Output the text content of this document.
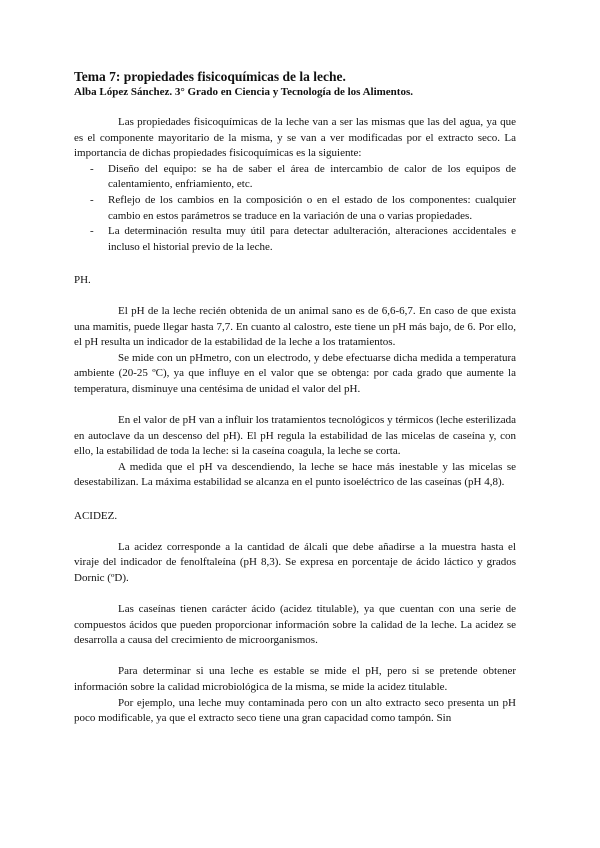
Tema 7: propiedades fisicoquímicas de la leche.
Alba López Sánchez. 3° Grado en Ciencia y Tecnología de los Alimentos.

Las propiedades fisicoquímicas de la leche van a ser las mismas que las del agua, ya que es el componente mayoritario de la misma, y se van a ver modificadas por el extracto seco. La importancia de dichas propiedades fisicoquímicas es la siguiente:

- Diseño del equipo: se ha de saber el área de intercambio de calor de los equipos de calentamiento, enfriamiento, etc.
- Reflejo de los cambios en la composición o en el estado de los componentes: cualquier cambio en estos parámetros se traduce en la variación de una o varias propiedades.
- La determinación resulta muy útil para detectar adulteración, alteraciones accidentales e incluso el historial previo de la leche.
PH.

El pH de la leche recién obtenida de un animal sano es de 6,6-6,7. En caso de que exista una mamitis, puede llegar hasta 7,7. En cuanto al calostro, este tiene un pH más bajo, de 6. Por ello, el pH resulta un indicador de la estabilidad de la leche a los tratamientos.

Se mide con un pHmetro, con un electrodo, y debe efectuarse dicha medida a temperatura ambiente (20-25 ºC), ya que influye en el valor que se obtenga: por cada grado que aumente la temperatura, disminuye una centésima de unidad el valor del pH.

En el valor de pH van a influir los tratamientos tecnológicos y térmicos (leche esterilizada en autoclave da un descenso del pH). El pH regula la estabilidad de las micelas de caseína y, con ello, la estabilidad de toda la leche: si la caseína coagula, la leche se corta.

A medida que el pH va descendiendo, la leche se hace más inestable y las micelas se desestabilizan. La máxima estabilidad se alcanza en el punto isoeléctrico de las caseínas (pH 4,8).

ACIDEZ.

La acidez corresponde a la cantidad de álcali que debe añadirse a la muestra hasta el viraje del indicador de fenolftaleína (pH 8,3). Se expresa en porcentaje de ácido láctico y grados Dornic (ºD).

Las caseínas tienen carácter ácido (acidez titulable), ya que cuentan con una serie de compuestos ácidos que pueden proporcionar información sobre la calidad de la leche. La acidez se desarrolla a causa del crecimiento de microorganismos.

Para determinar si una leche es estable se mide el pH, pero si se pretende obtener información sobre la calidad microbiológica de la misma, se mide la acidez titulable.

Por ejemplo, una leche muy contaminada pero con un alto extracto seco presenta un pH poco modificable, ya que el extracto seco tiene una gran capacidad como tampón. Sin
